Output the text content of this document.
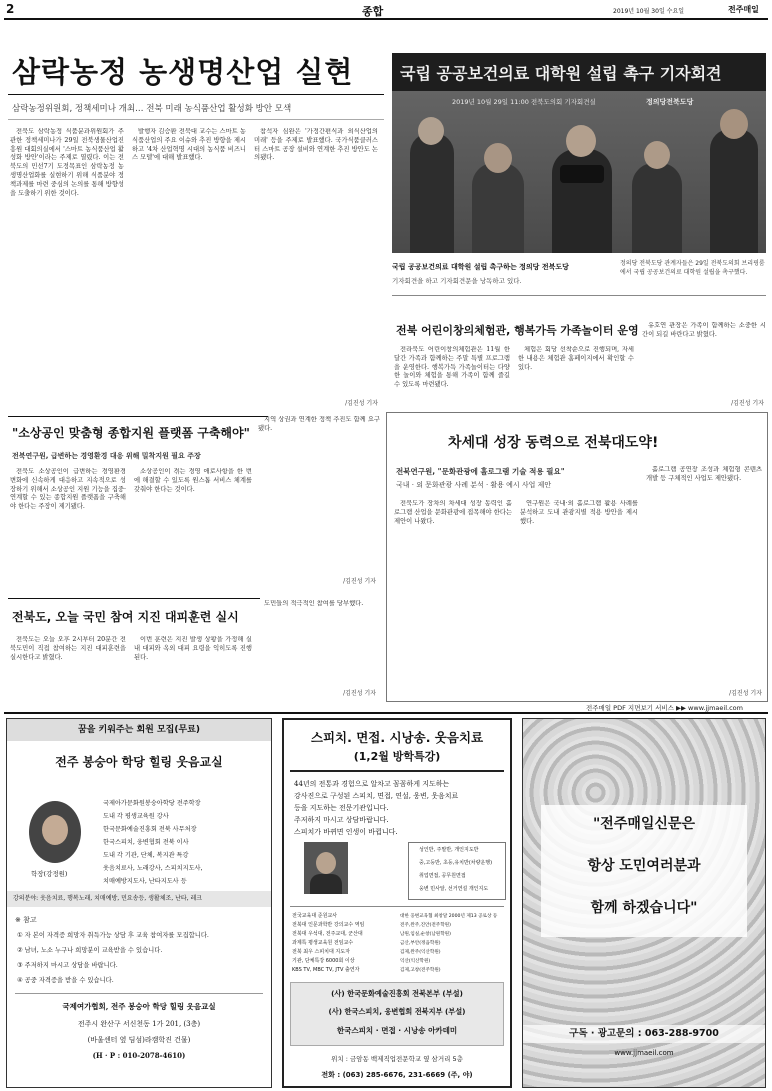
2	종합	2019년 10월 30일 수요일	전주매일
삼락농정 농생명산업 실현
삼락농정위원회, 정책세미나 개최… 전북 미래 농식품산업 활성화 방안 모색

전북도 삼락농정 식품분과위원회가 주관한 정책세미나가 29일 전북생물산업진흥원 대회의실에서 '스마트 농식품산업 활성화 방안'이라는 주제로 열렸다. 이는 전북도의 민선7기 도정목표인 삼락농정 농생명산업화를 실현하기 위해 식품분야 정책과제를 마련 중심의 논의를 통해 방향성을 도출하기 위한 것이다.

발행자 김승환 전북대 교수는 스마트 농식품산업의 주요 이슈와 추진 방향을 제시하고 '4차 산업혁명 시대의 농식품 비즈니스 모델'에 대해 발표했다.

참석자 심완은 '가정간편식과 외식산업의 미래' 등을 주제로 발표했다. 국가식품클러스터 스마트 공장 설비와 연계한 추진 방안도 논의됐다.

/김진성 기자
국립 공공보건의료 대학원 설립 촉구 기자회견
2019년 10월 29일 11:00 전북도의회 기자회견실	정의당전북도당
국립 공공보건의료 대학원 설립 촉구하는 정의당 전북도당
기자회견을 하고 기자회견문을 낭독하고 있다.
정의당 전북도당 관계자들은 29일 전북도의회 브리핑룸에서 국립 공공보건의료 대학원 설립을 촉구했다.
전북 어린이창의체험관, 행복가득 가족놀이터 운영

전라북도 어린이창의체험관은 11월 한 달간 가족과 함께하는 주말 특별 프로그램을 운영한다. 행복가득 가족놀이터는 다양한 놀이와 체험을 통해 가족이 함께 즐길 수 있도록 마련됐다.

체험은 회당 선착순으로 진행되며, 자세한 내용은 체험관 홈페이지에서 확인할 수 있다.

유호연 관장은 가족이 함께하는 소중한 시간이 되길 바란다고 밝혔다.

/김진성 기자
"소상공인 맞춤형 종합지원 플랫폼 구축해야"
전북연구원, 급변하는 경영환경 대응 위해 밀착지원 필요 주장

전북도 소상공인이 급변하는 경영환경 변화에 신속하게 대응하고 지속적으로 성장하기 위해서 소상공인 지원 기능을 집중·연계할 수 있는 종합지원 플랫폼을 구축해야 한다는 주장이 제기됐다.

소상공인이 겪는 경영 애로사항을 한 번에 해결할 수 있도록 원스톱 서비스 체계를 갖춰야 한다는 것이다.

지역 상권과 연계한 정책 추진도 함께 요구됐다.

/김진성 기자
전북도, 오늘 국민 참여 지진 대피훈련 실시

전북도는 오늘 오후 2시부터 20분간 전북도민이 직접 참여하는 지진 대피훈련을 실시한다고 밝혔다.

이번 훈련은 지진 발생 상황을 가정해 실내 대피와 옥외 대피 요령을 익히도록 진행된다.

도민들의 적극적인 참여를 당부했다.

/김진성 기자
차세대 성장 동력으로 전북대도약!
전북연구원, "문화관광에 홀로그램 기술 적용 필요"
국내 · 외 문화관광 사례 분석 · 활용 예시 사업 제안

전북도가 장차의 차세대 성장 동력인 홀로그램 산업을 문화관광에 접목해야 한다는 제안이 나왔다.

연구원은 국내·외 홀로그램 활용 사례를 분석하고 도내 관광지별 적용 방안을 제시했다.

홀로그램 공연장 조성과 체험형 콘텐츠 개발 등 구체적인 사업도 제안됐다.

/김진성 기자
전주매일 PDF 지면보기 서비스 ▶▶ www.jjmaeil.com
꿈을 키워주는 회원 모집(무료)
전주 봉숭아 학당 힐링 웃음교실
학장(강정원)
국제아가문화원봉숭아학당 전주학장
도내 각 평생교육원 강사
한국문화예술진흥회 전북 사무처장
한국스피치, 웅변협회 전북 이사
도내 각 기관, 단체, 복지관 특강
웃음치료사, 노래강사, 스피치지도사,
치매예방지도사, 난타지도사 등
강의분야: 웃음치료, 행복노래, 치매예방, 민요송등, 생활체조, 난타, 레크
※ 참고
① 자 본이 자격증 희망자 취득가능 상담 후 교육 참여자를 모집합니다.
② 남녀, 노소 누구나 희망분이 교육받을 수 있습니다.
③ 주저하지 마시고 상담을 바랍니다.
④ 공중 자격증을 받을 수 있습니다.
국제여가협회, 전주 봉숭아 학당 힐링 웃음교실
전주시 완산구 서신천동 1가 201, (3층)
(바울센터 옆 딤섬)라캠학진 건물)
(H · P : 010-2078-4610)
스피치. 면접. 시낭송. 웃음치료
(1,2월 방학특강)
44년의 전통과 경험으로 알차고 꼼꼼하게 지도하는
강사진으로 구성된 스피치, 면접, 연설, 웅변, 웃음치료
등을 지도하는 전문기관입니다.
주저하지 마시고 상담바랍니다.
스피치가 바뀌면 인생이 바뀝니다.
성인반, 주말반, 개인지도반
중,고등반, 초등,유치반(차량운행)
취업면접, 공무원면접
웅변 민사알, 선거연설 개인지도
전국교육대 준원교사
전북대 인문과학반 강의교수 역임
전북대 우석대, 전주교대, 군산대
과제특 평생교육원 전임교수
전북 최우 스피치대 지도자
기관, 단체특강 6000회 이상
KBS TV, MBC TV, JTV 출연자
대한 웅변교육협 최창달 2000년 제13 공로상 등
전주,완주,진안(전주학원)
남원,임실,순창(남원학원)
금산,부안(정읍학원)
김제,완주(익산학원)
익산(익산학원)
김제,고창(전주학원)
(사) 한국문화예술진흥회 전북본부 (부설)
(사) 한국스피치, 웅변협회 전북지부 (부설)
한국스피치 · 면접 · 시낭송 아카데미
위치 : 금암동 백제직업전문학교 옆 삼거리 5층
전화 : (063) 285-6676, 231-6669 (주, 야)
"전주매일신문은
항상 도민여러분과
함께 하겠습니다"
구독 · 광고문의 : 063-288-9700
www.jjmaeil.com
